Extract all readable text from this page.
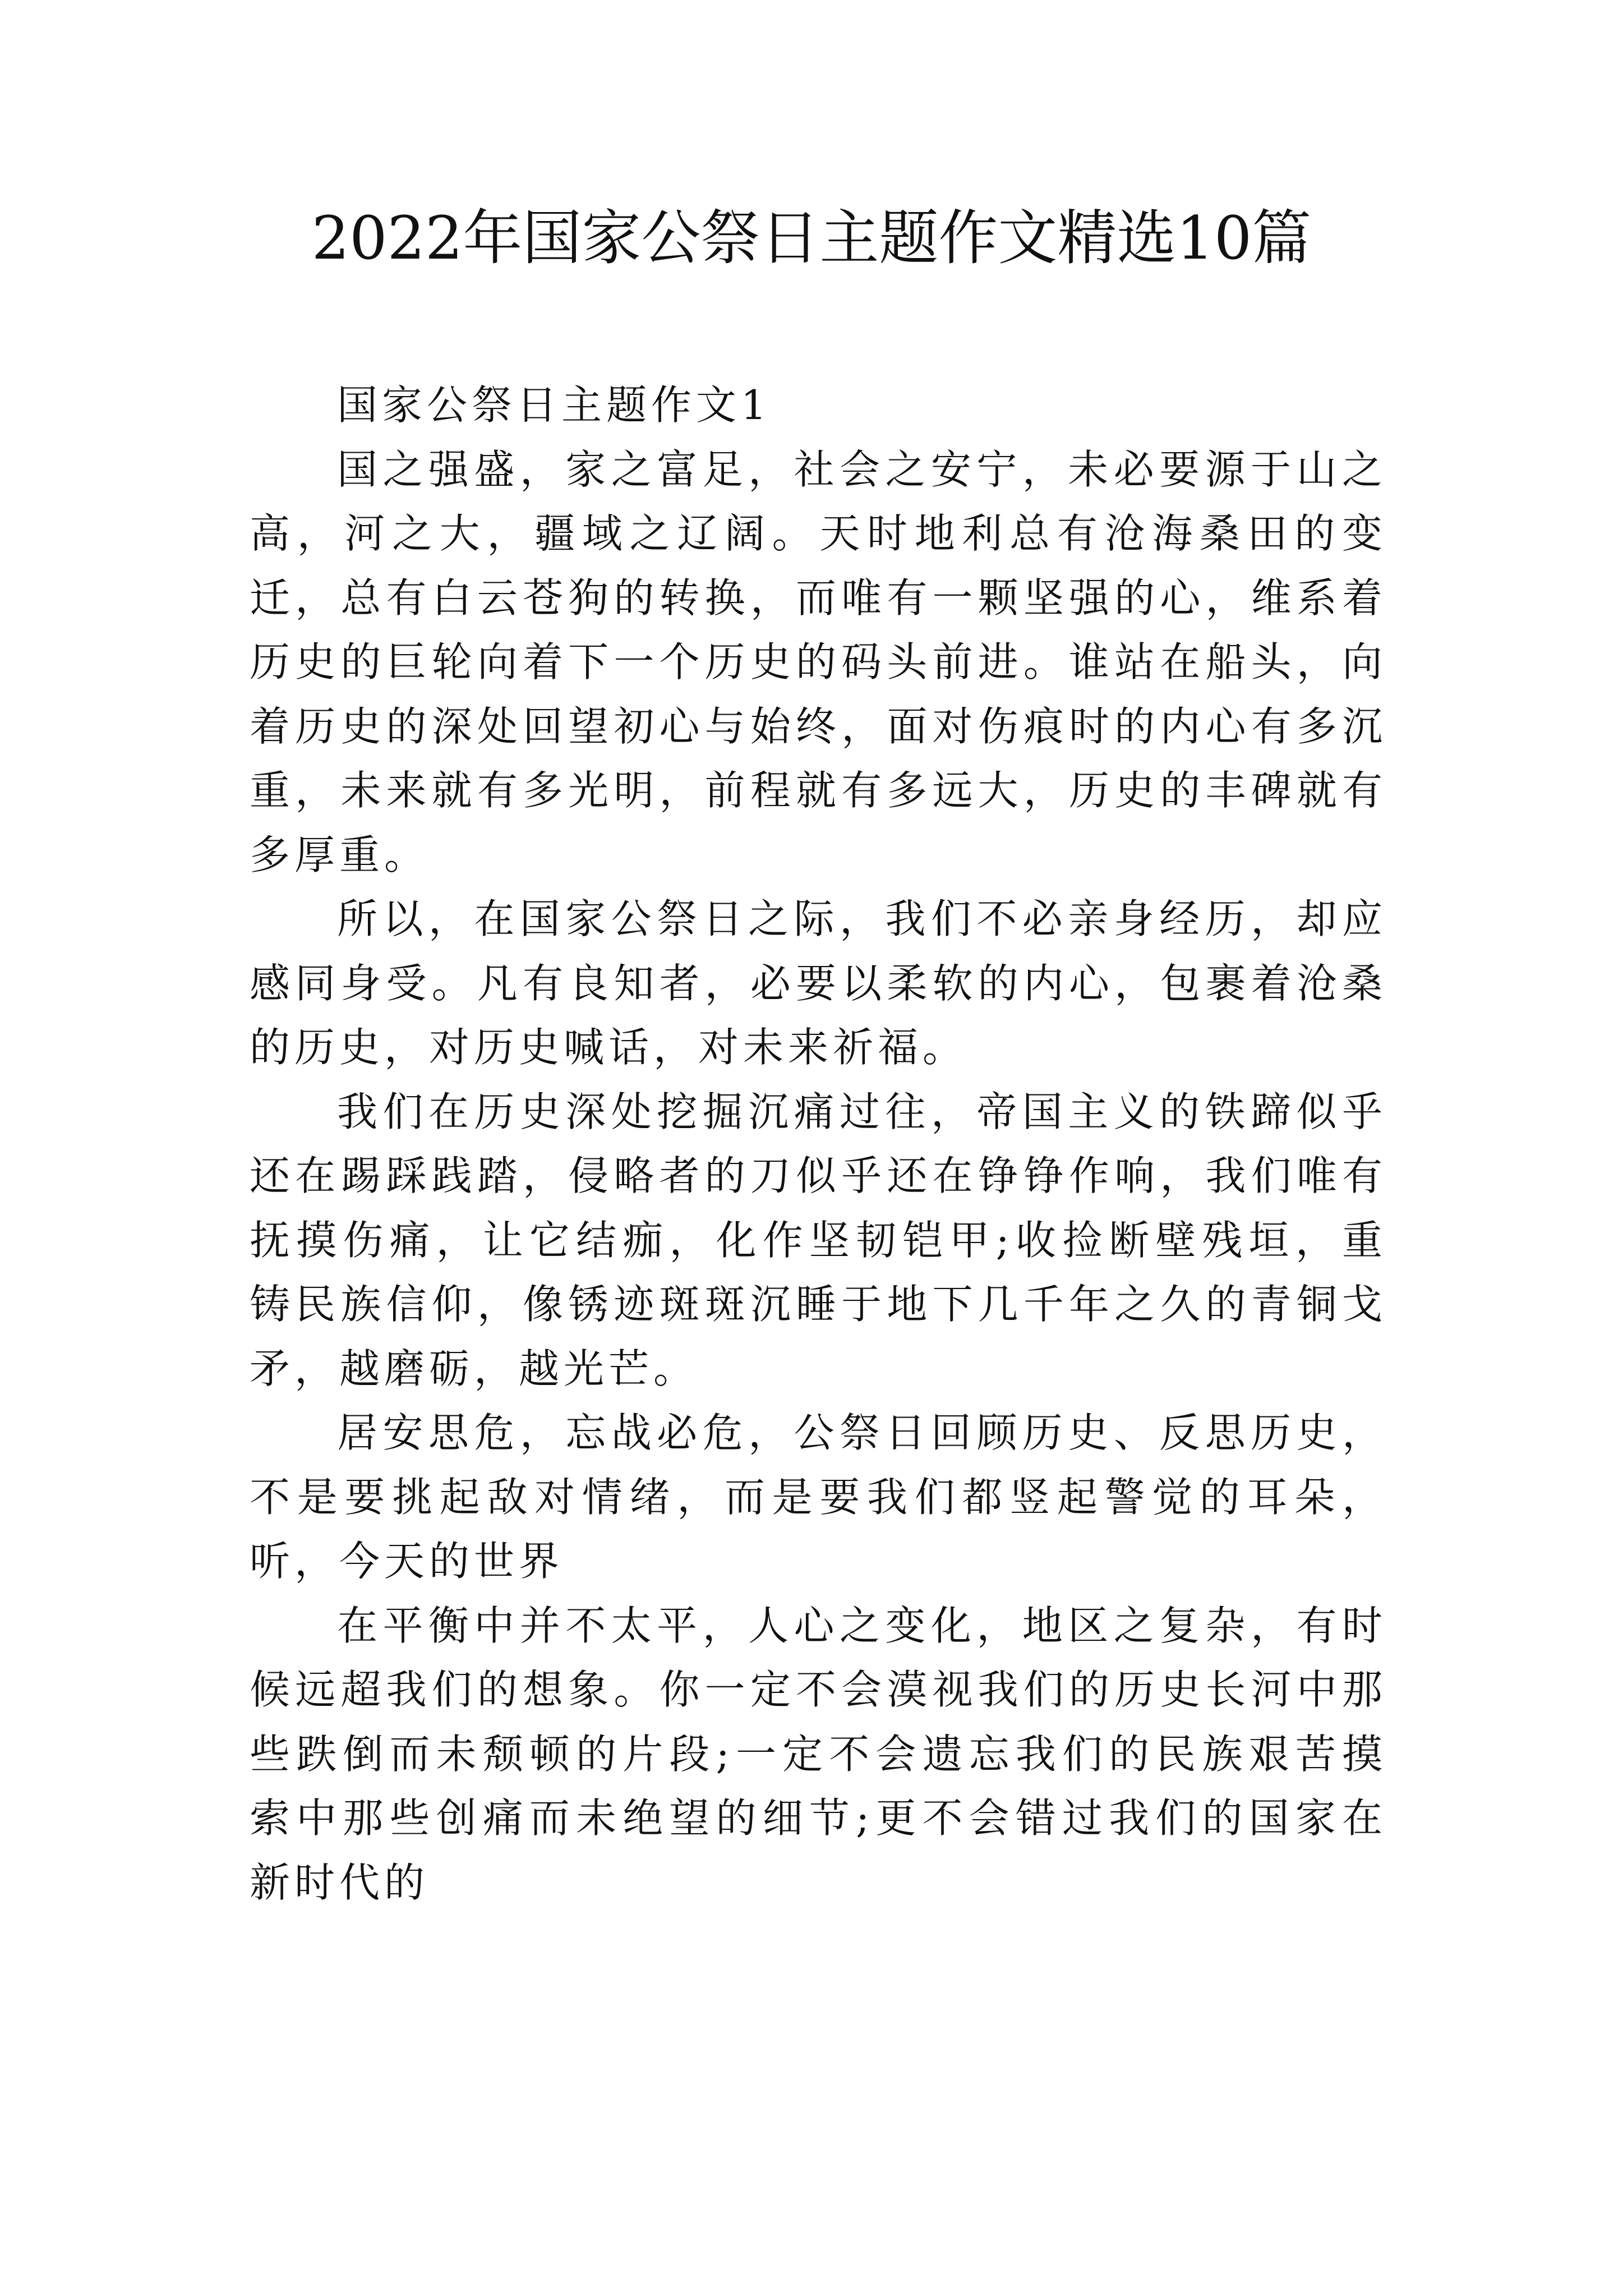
2022年国家公祭日主题作文精选10篇

国家公祭日主题作文1

国之强盛，家之富足，社会之安宁，未必要源于山之高，河之大，疆域之辽阔。天时地利总有沧海桑田的变迁，总有白云苍狗的转换，而唯有一颗坚强的心，维系着历史的巨轮向着下一个历史的码头前进。谁站在船头，向着历史的深处回望初心与始终，面对伤痕时的内心有多沉重，未来就有多光明，前程就有多远大，历史的丰碑就有多厚重。

所以，在国家公祭日之际，我们不必亲身经历，却应感同身受。凡有良知者，必要以柔软的内心，包裹着沧桑的历史，对历史喊话，对未来祈福。

我们在历史深处挖掘沉痛过往，帝国主义的铁蹄似乎还在踢踩践踏，侵略者的刀似乎还在铮铮作响，我们唯有抚摸伤痛，让它结痂，化作坚韧铠甲;收捡断壁残垣，重铸民族信仰，像锈迹斑斑沉睡于地下几千年之久的青铜戈矛，越磨砺，越光芒。

居安思危，忘战必危，公祭日回顾历史、反思历史，不是要挑起敌对情绪，而是要我们都竖起警觉的耳朵，听，今天的世界

在平衡中并不太平，人心之变化，地区之复杂，有时候远超我们的想象。你一定不会漠视我们的历史长河中那些跌倒而未颓顿的片段;一定不会遗忘我们的民族艰苦摸索中那些创痛而未绝望的细节;更不会错过我们的国家在新时代的
